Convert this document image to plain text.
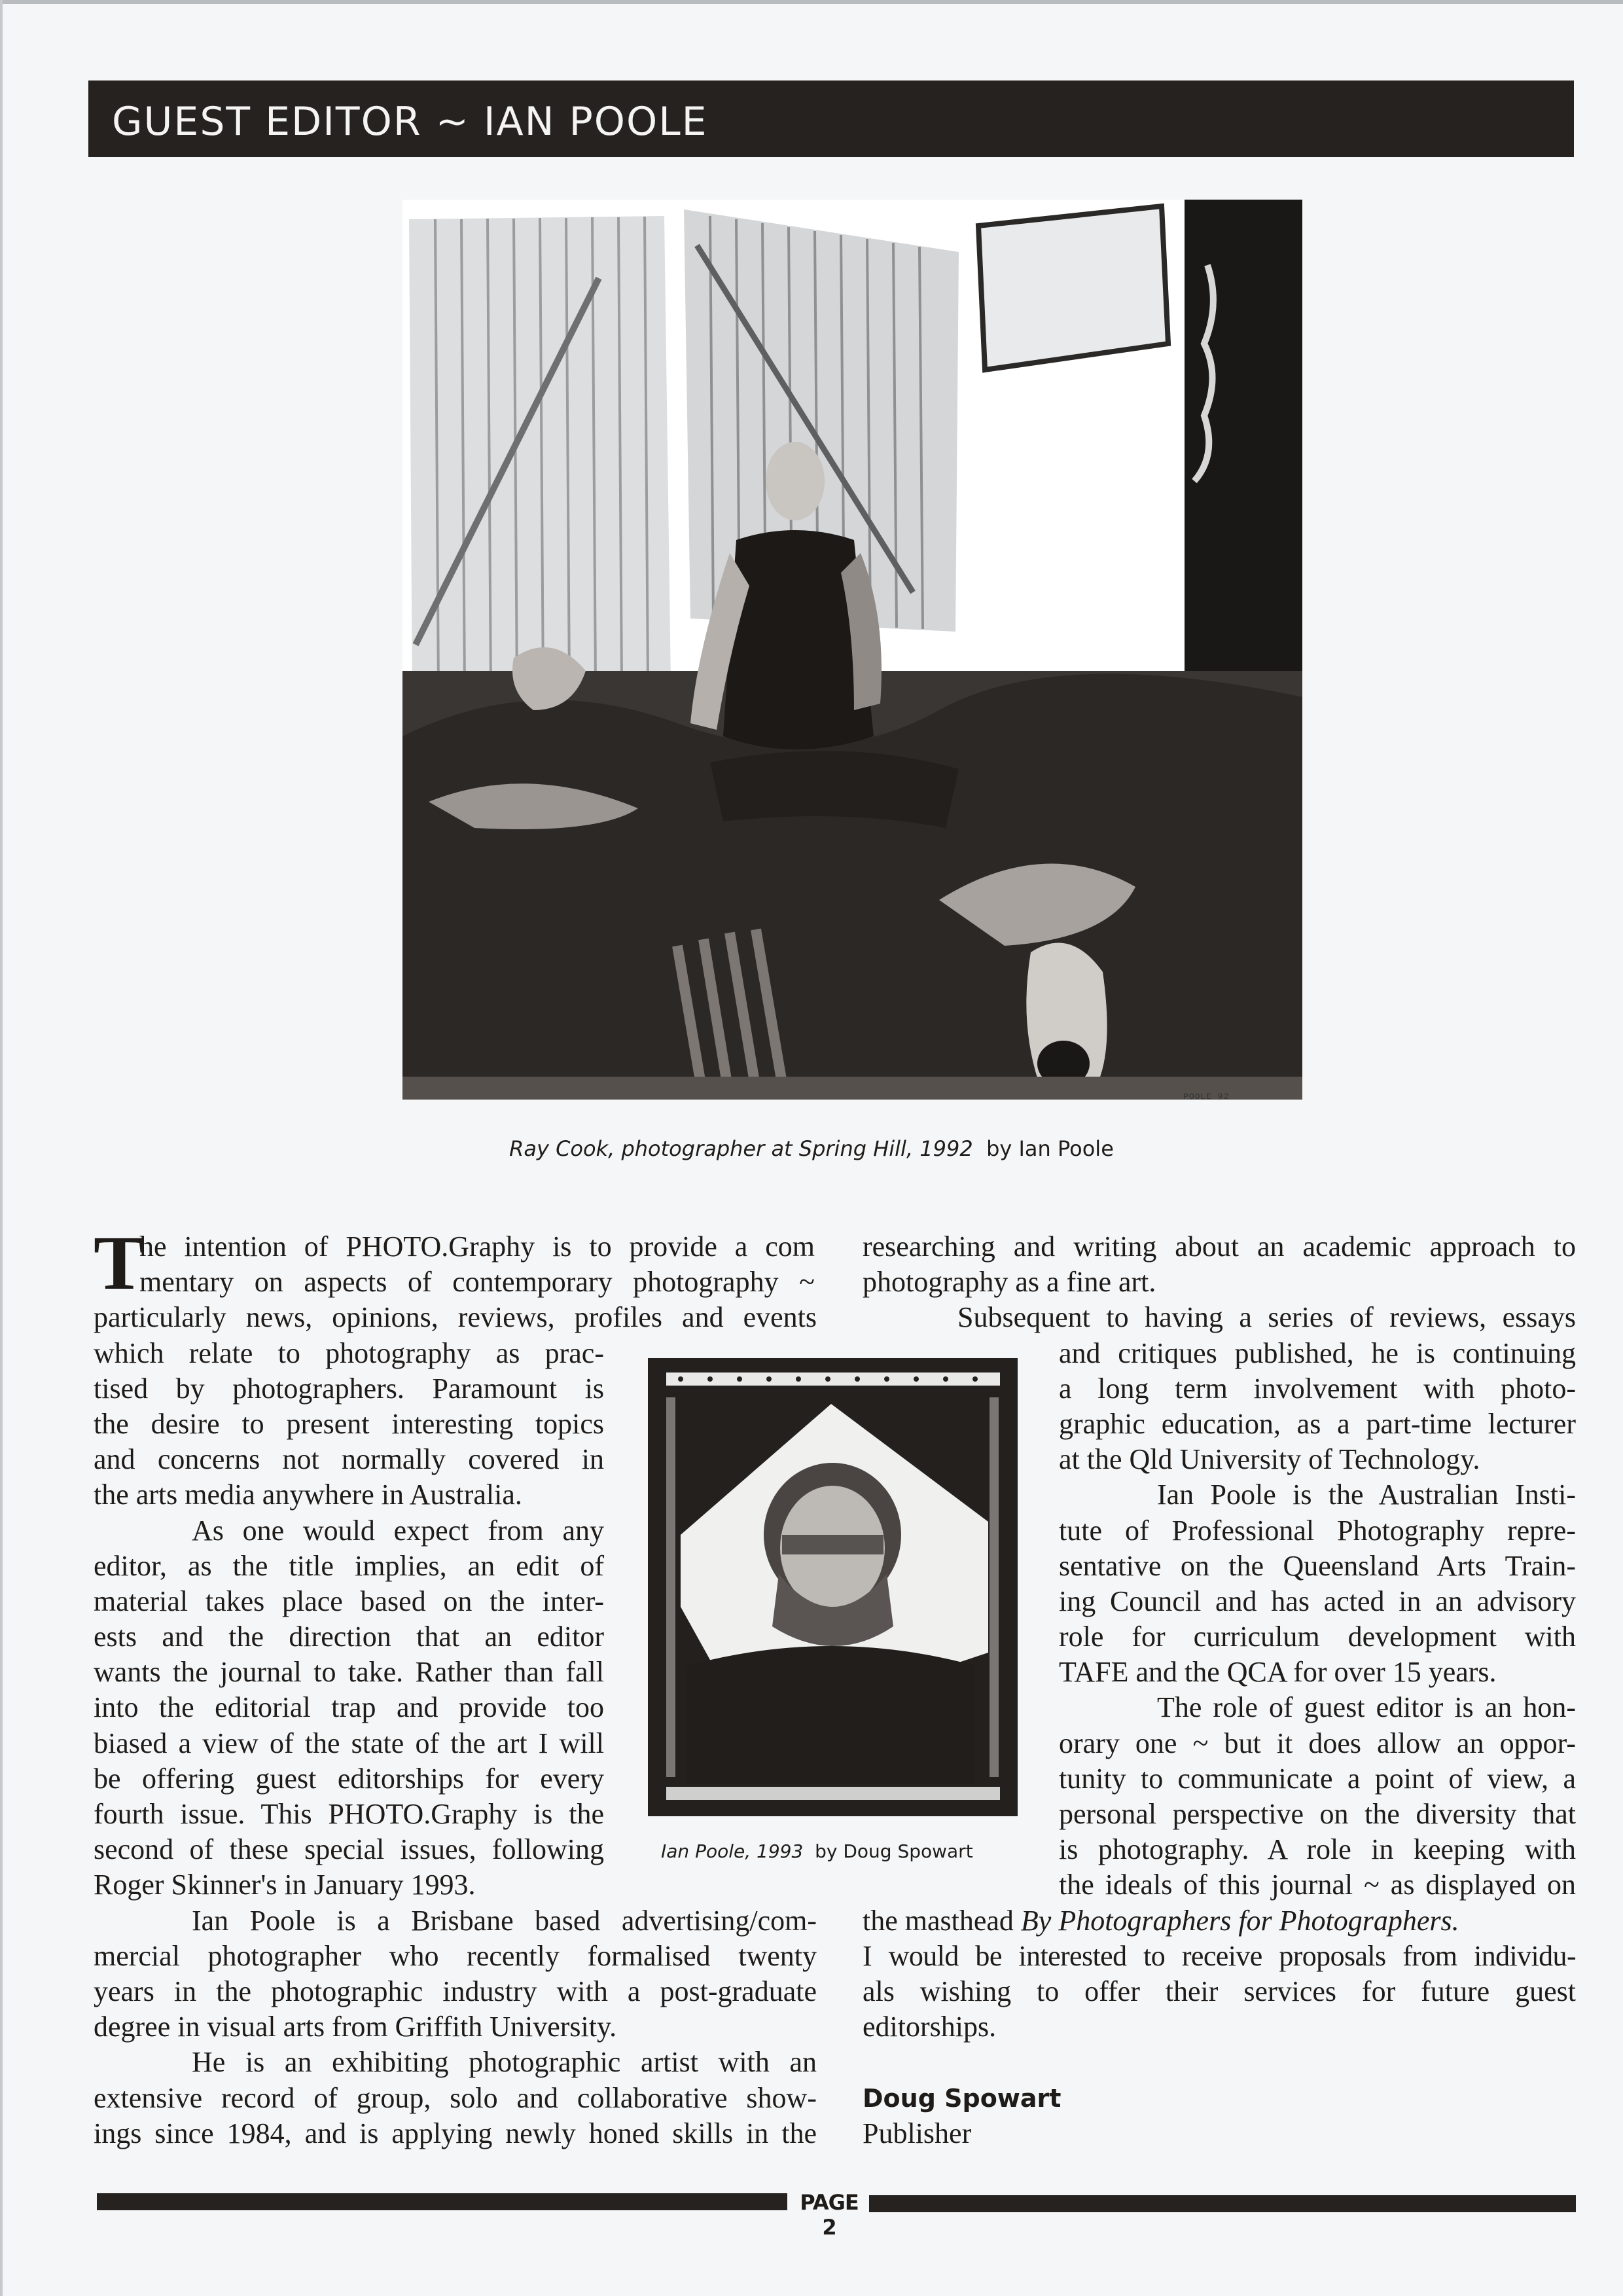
GUEST EDITOR ~ IAN POOLE
POOLE 92
Ray Cook, photographer at Spring Hill, 1992 by Ian Poole
T
he intention of PHOTO.Graphy is to provide a com
mentary on aspects of contemporary photography ~
particularly news, opinions, reviews, profiles and events
which relate to photography as prac-
tised by photographers. Paramount is
the desire to present interesting topics
and concerns not normally covered in
the arts media anywhere in Australia.
As one would expect from any
editor, as the title implies, an edit of
material takes place based on the inter-
ests and the direction that an editor
wants the journal to take. Rather than fall
into the editorial trap and provide too
biased a view of the state of the art I will
be offering guest editorships for every
fourth issue. This PHOTO.Graphy is the
second of these special issues, following
Roger Skinner's in January 1993.
Ian Poole is a Brisbane based advertising/com-
mercial photographer who recently formalised twenty
years in the photographic industry with a post-graduate
degree in visual arts from Griffith University.
He is an exhibiting photographic artist with an
extensive record of group, solo and collaborative show-
ings since 1984, and is applying newly honed skills in the
Ian Poole, 1993 by Doug Spowart
researching and writing about an academic approach to
photography as a fine art.
Subsequent to having a series of reviews, essays
and critiques published, he is continuing
a long term involvement with photo-
graphic education, as a part-time lecturer
at the Qld University of Technology.
Ian Poole is the Australian Insti-
tute of Professional Photography repre-
sentative on the Queensland Arts Train-
ing Council and has acted in an advisory
role for curriculum development with
TAFE and the QCA for over 15 years.
The role of guest editor is an hon-
orary one ~ but it does allow an oppor-
tunity to communicate a point of view, a
personal perspective on the diversity that
is photography. A role in keeping with
the ideals of this journal ~ as displayed on
the masthead By Photographers for Photographers.
I would be interested to receive proposals from individu-
als wishing to offer their services for future guest
editorships.
Doug Spowart
Publisher
PAGE 2
